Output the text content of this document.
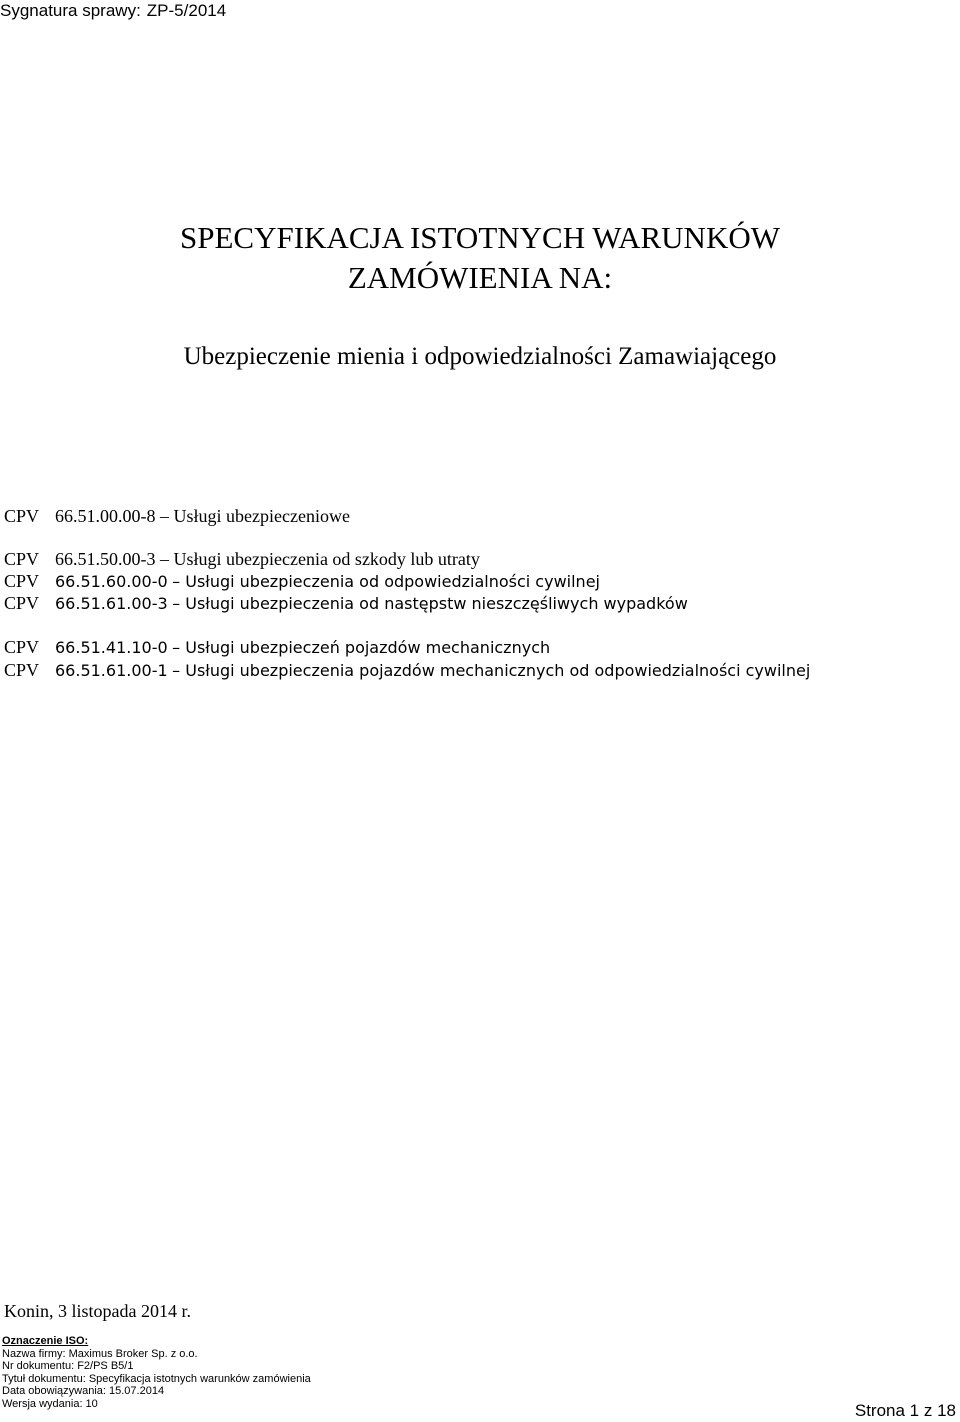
Sygnatura sprawy: ZP-5/2014
SPECYFIKACJA ISTOTNYCH WARUNKÓW
ZAMÓWIENIA NA:
Ubezpieczenie mienia i odpowiedzialności Zamawiającego
CPV 66.51.00.00-8 – Usługi ubezpieczeniowe
CPV 66.51.50.00-3 – Usługi ubezpieczenia od szkody lub utraty
CPV 66.51.60.00-0 – Usługi ubezpieczenia od odpowiedzialności cywilnej
CPV 66.51.61.00-3 – Usługi ubezpieczenia od następstw nieszczęśliwych wypadków
CPV 66.51.41.10-0 – Usługi ubezpieczeń pojazdów mechanicznych
CPV 66.51.61.00-1 – Usługi ubezpieczenia pojazdów mechanicznych od odpowiedzialności cywilnej
Konin, 3 listopada 2014 r.
Oznaczenie ISO:
Nazwa firmy: Maximus Broker Sp. z o.o.
Nr dokumentu: F2/PS B5/1
Tytuł dokumentu: Specyfikacja istotnych warunków zamówienia
Data obowiązywania: 15.07.2014
Wersja wydania: 10	Strona 1 z 18
